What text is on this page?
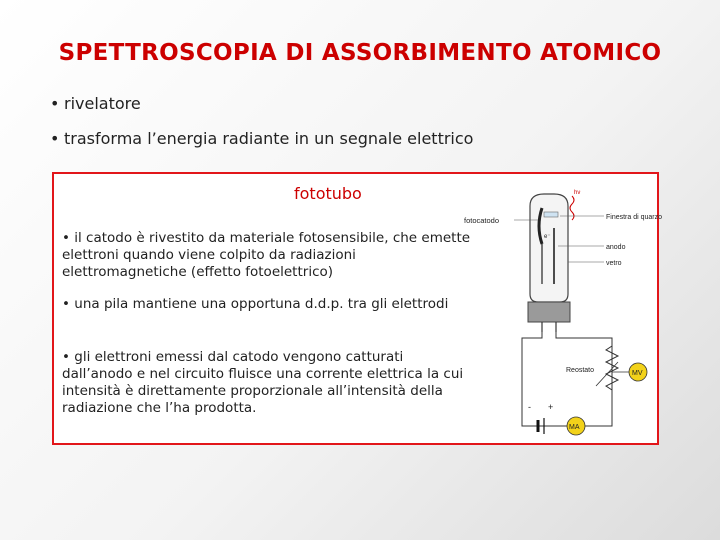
SPETTROSCOPIA DI ASSORBIMENTO ATOMICO
• rivelatore
• trasforma l’energia radiante in un segnale elettrico
fototubo
• il catodo è rivestito da materiale fotosensibile, che emette elettroni quando viene colpito da radiazioni elettromagnetiche (effetto fotoelettrico)
• una pila mantiene una opportuna d.d.p. tra gli elettrodi
• gli elettroni emessi dal catodo vengono catturati dall’anodo e nel circuito fluisce una corrente elettrica la cui intensità è direttamente proporzionale all’intensità della radiazione che l’ha prodotta.
hν
e⁻
fotocatodo	Finestra di quarzo
anodo
vetro
Reostato	MV
- +
MA
